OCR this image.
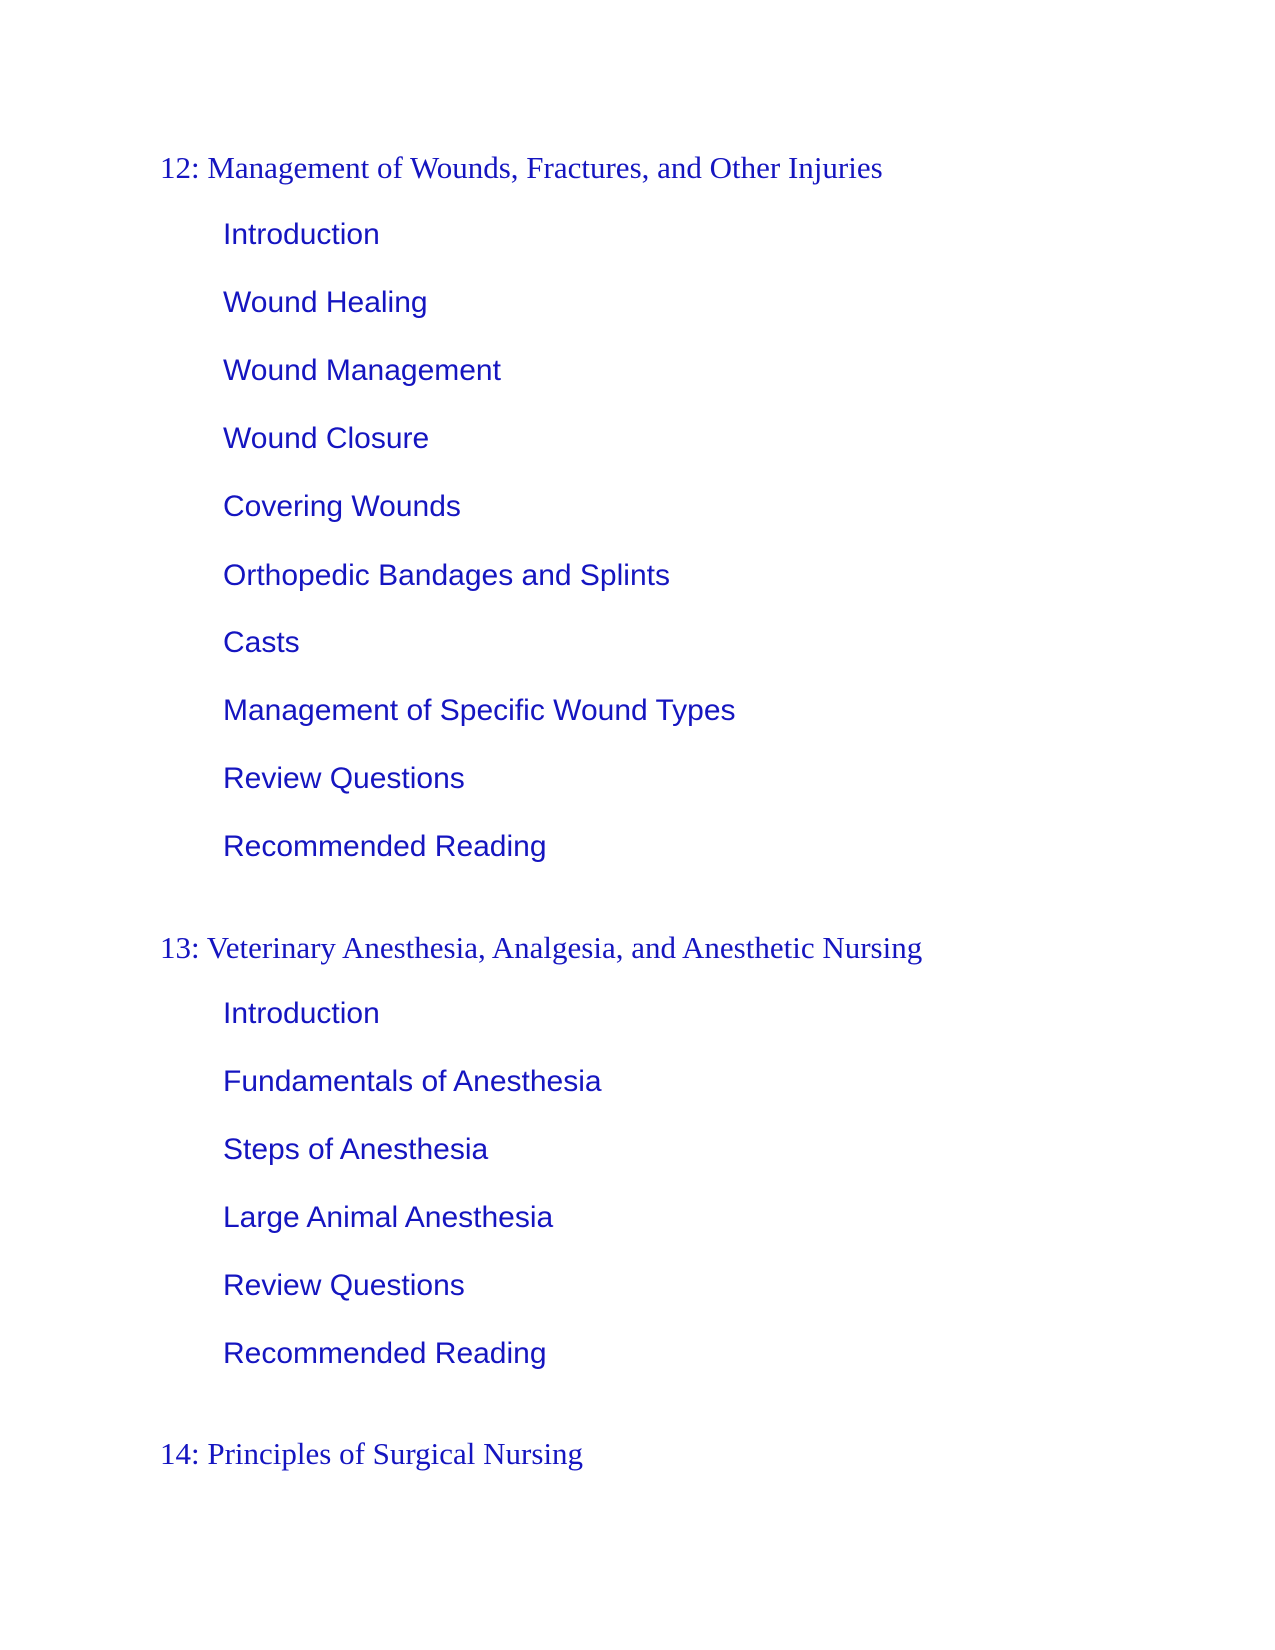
12: Management of Wounds, Fractures, and Other Injuries
Introduction
Wound Healing
Wound Management
Wound Closure
Covering Wounds
Orthopedic Bandages and Splints
Casts
Management of Specific Wound Types
Review Questions
Recommended Reading
13: Veterinary Anesthesia, Analgesia, and Anesthetic Nursing
Introduction
Fundamentals of Anesthesia
Steps of Anesthesia
Large Animal Anesthesia
Review Questions
Recommended Reading
14: Principles of Surgical Nursing
